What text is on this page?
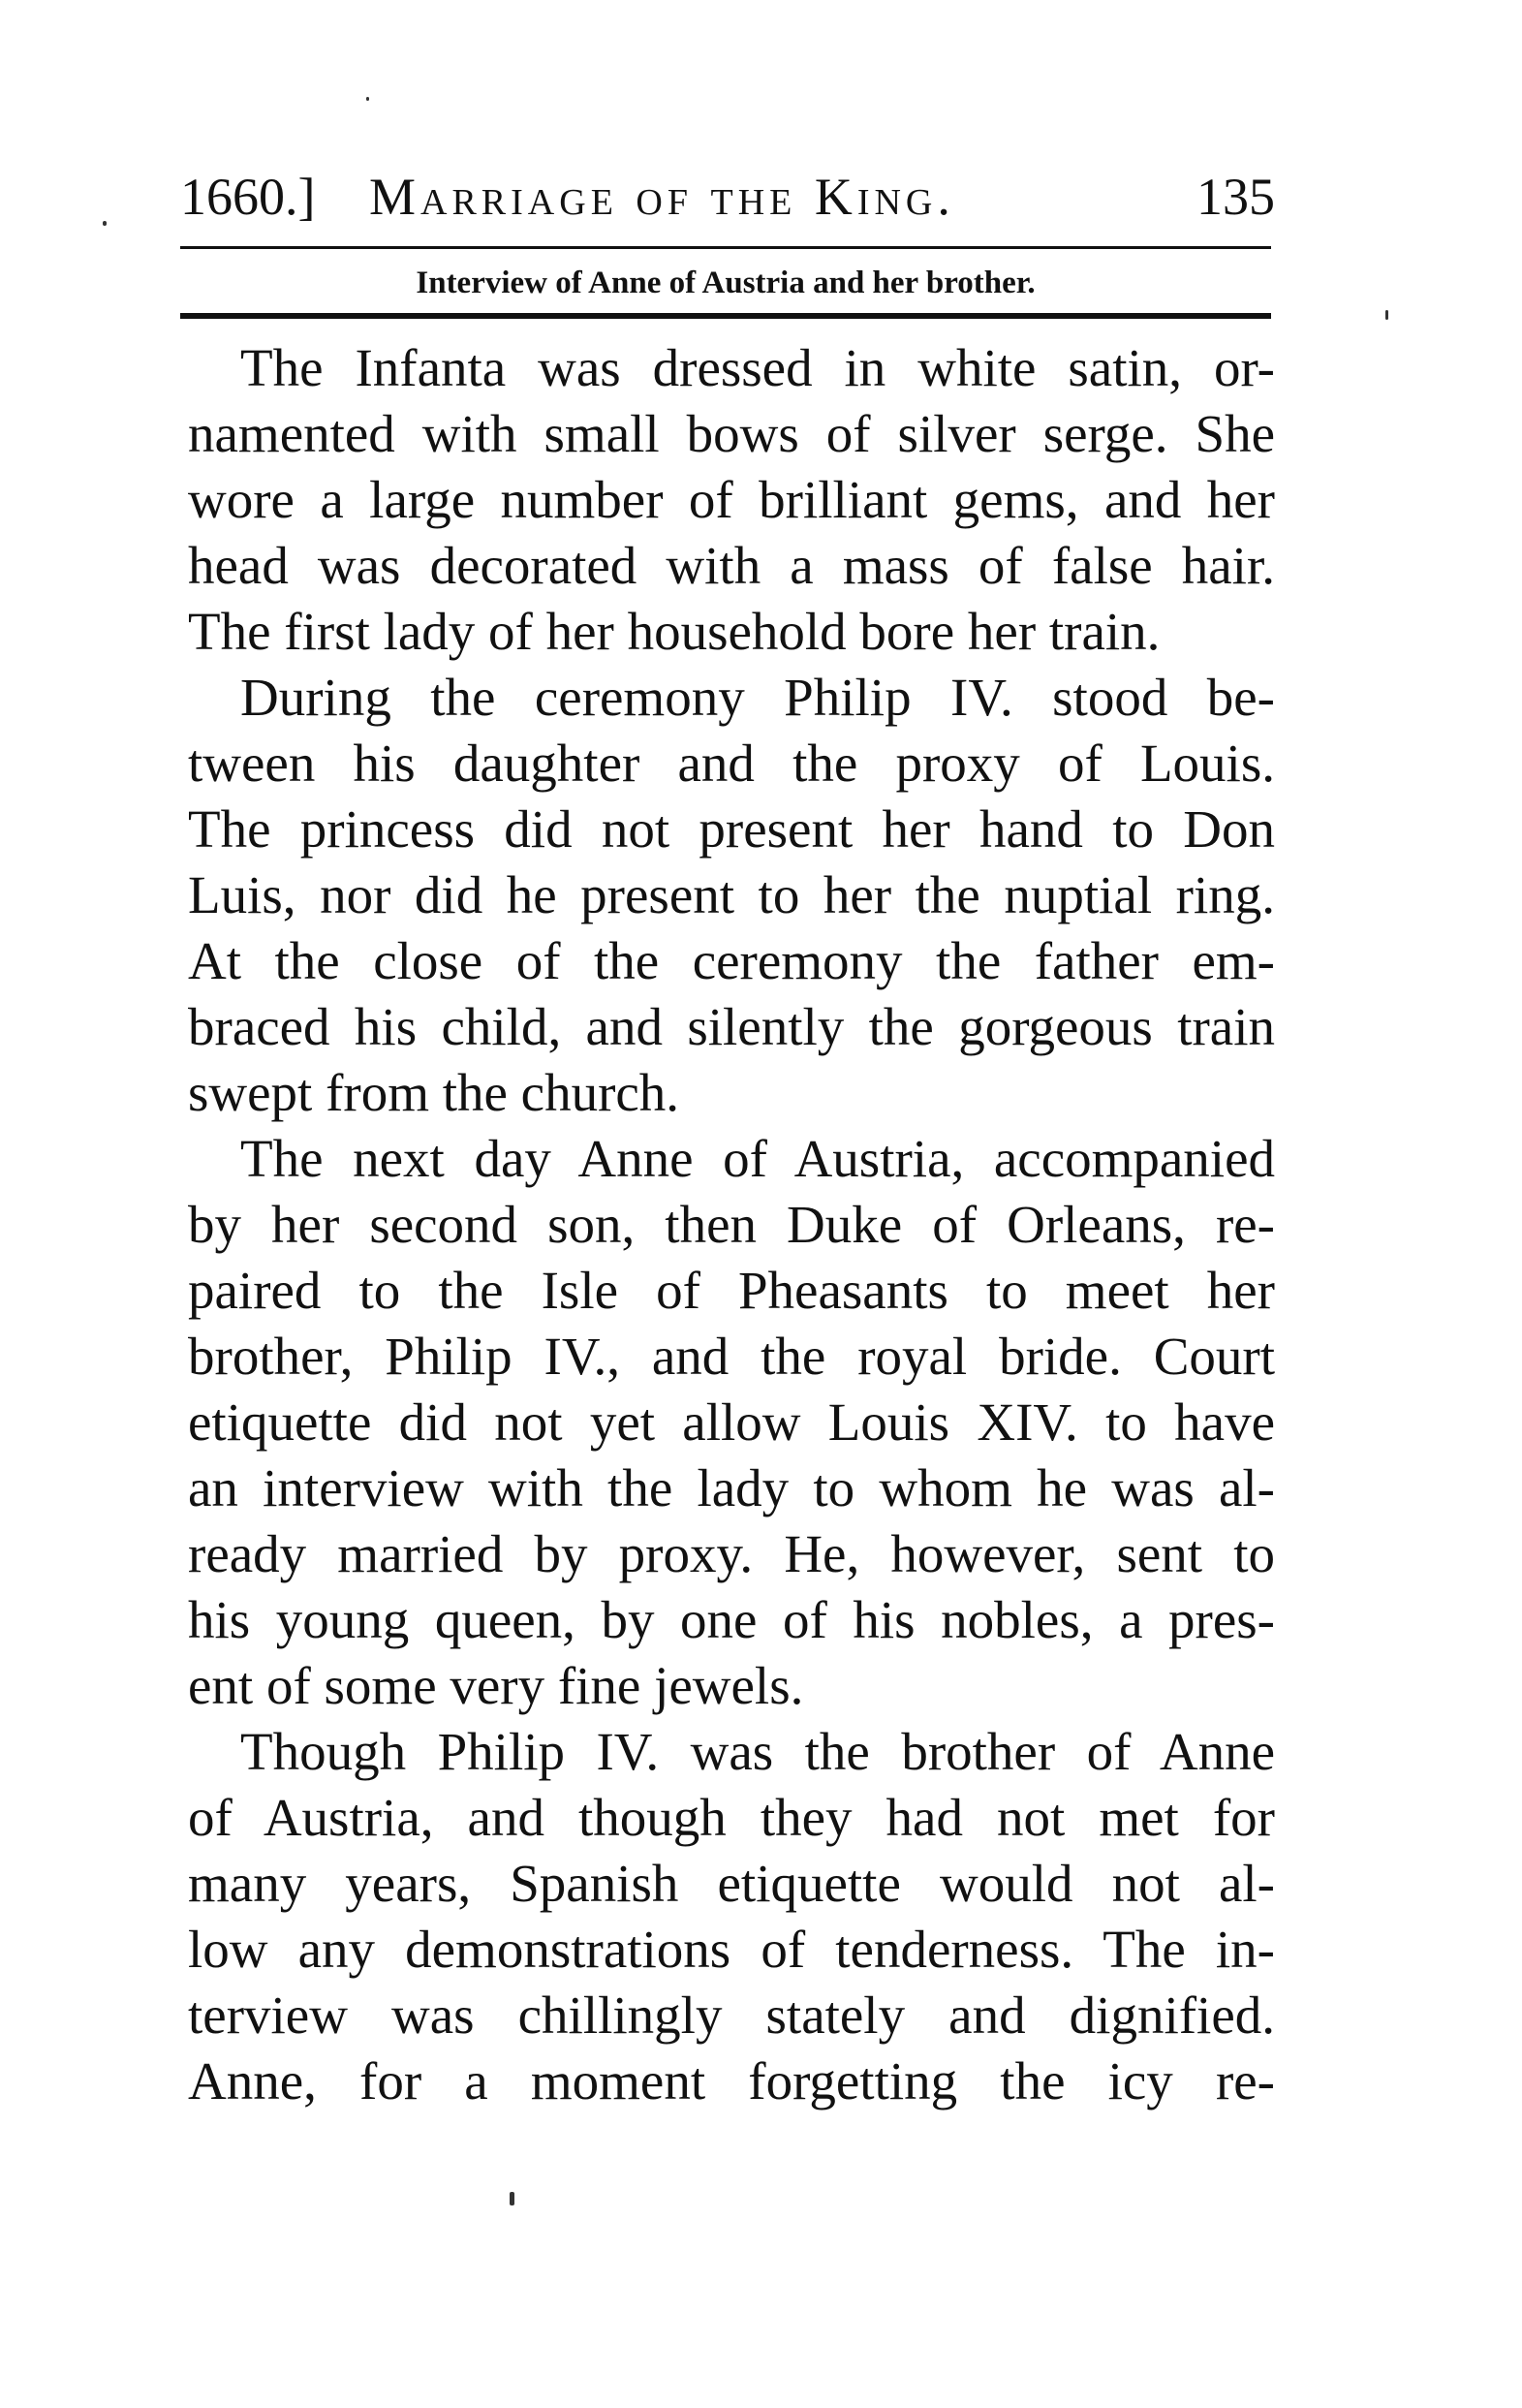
1660.] Marriage of the King.	135
Interview of Anne of Austria and her brother.
The Infanta was dressed in white satin, or-
namented with small bows of silver serge. She
wore a large number of brilliant gems, and her
head was decorated with a mass of false hair.
The first lady of her household bore her train.
During the ceremony Philip IV. stood be-
tween his daughter and the proxy of Louis.
The princess did not present her hand to Don
Luis, nor did he present to her the nuptial ring.
At the close of the ceremony the father em-
braced his child, and silently the gorgeous train
swept from the church.
The next day Anne of Austria, accompanied
by her second son, then Duke of Orleans, re-
paired to the Isle of Pheasants to meet her
brother, Philip IV., and the royal bride. Court
etiquette did not yet allow Louis XIV. to have
an interview with the lady to whom he was al-
ready married by proxy. He, however, sent to
his young queen, by one of his nobles, a pres-
ent of some very fine jewels.
Though Philip IV. was the brother of Anne
of Austria, and though they had not met for
many years, Spanish etiquette would not al-
low any demonstrations of tenderness. The in-
terview was chillingly stately and dignified.
Anne, for a moment forgetting the icy re-
